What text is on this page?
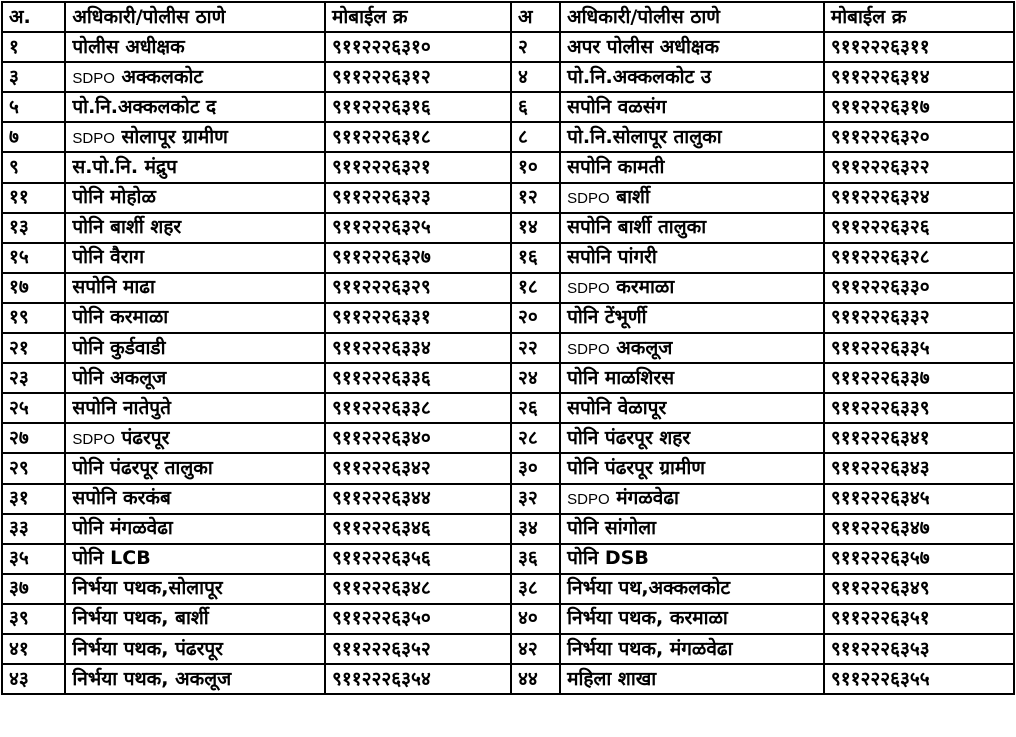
अ.	अधिकारी/पोलीस ठाणे	मोबाईल क्र	अ	अधिकारी/पोलीस ठाणे	मोबाईल क्र
१	पोलीस अधीक्षक	९११२२२६३१०	२	अपर पोलीस अधीक्षक	९११२२२६३११
३	SDPO अक्कलकोट	९११२२२६३१२	४	पो.नि.अक्कलकोट उ	९११२२२६३१४
५	पो.नि.अक्कलकोट द	९११२२२६३१६	६	सपोनि वळसंग	९११२२२६३१७
७	SDPO सोलापूर ग्रामीण	९११२२२६३१८	८	पो.नि.सोलापूर तालुका	९११२२२६३२०
९	स.पो.नि. मंद्रुप	९११२२२६३२१	१०	सपोनि कामती	९११२२२६३२२
११	पोनि मोहोळ	९११२२२६३२३	१२	SDPO बार्शी	९११२२२६३२४
१३	पोनि बार्शी शहर	९११२२२६३२५	१४	सपोनि बार्शी तालुका	९११२२२६३२६
१५	पोनि वैराग	९११२२२६३२७	१६	सपोनि पांगरी	९११२२२६३२८
१७	सपोनि माढा	९११२२२६३२९	१८	SDPO करमाळा	९११२२२६३३०
१९	पोनि करमाळा	९११२२२६३३१	२०	पोनि टेंभूर्णी	९११२२२६३३२
२१	पोनि कुर्डवाडी	९११२२२६३३४	२२	SDPO अकलूज	९११२२२६३३५
२३	पोनि अकलूज	९११२२२६३३६	२४	पोनि माळशिरस	९११२२२६३३७
२५	सपोनि नातेपुते	९११२२२६३३८	२६	सपोनि वेळापूर	९११२२२६३३९
२७	SDPO पंढरपूर	९११२२२६३४०	२८	पोनि पंढरपूर शहर	९११२२२६३४१
२९	पोनि पंढरपूर तालुका	९११२२२६३४२	३०	पोनि पंढरपूर ग्रामीण	९११२२२६३४३
३१	सपोनि करकंब	९११२२२६३४४	३२	SDPO मंगळवेढा	९११२२२६३४५
३३	पोनि मंगळवेढा	९११२२२६३४६	३४	पोनि सांगोला	९११२२२६३४७
३५	पोनि LCB	९११२२२६३५६	३६	पोनि DSB	९११२२२६३५७
३७	निर्भया पथक,सोलापूर	९११२२२६३४८	३८	निर्भया पथ,अक्कलकोट	९११२२२६३४९
३९	निर्भया पथक, बार्शी	९११२२२६३५०	४०	निर्भया पथक, करमाळा	९११२२२६३५१
४१	निर्भया पथक, पंढरपूर	९११२२२६३५२	४२	निर्भया पथक, मंगळवेढा	९११२२२६३५३
४३	निर्भया पथक, अकलूज	९११२२२६३५४	४४	महिला शाखा	९११२२२६३५५
